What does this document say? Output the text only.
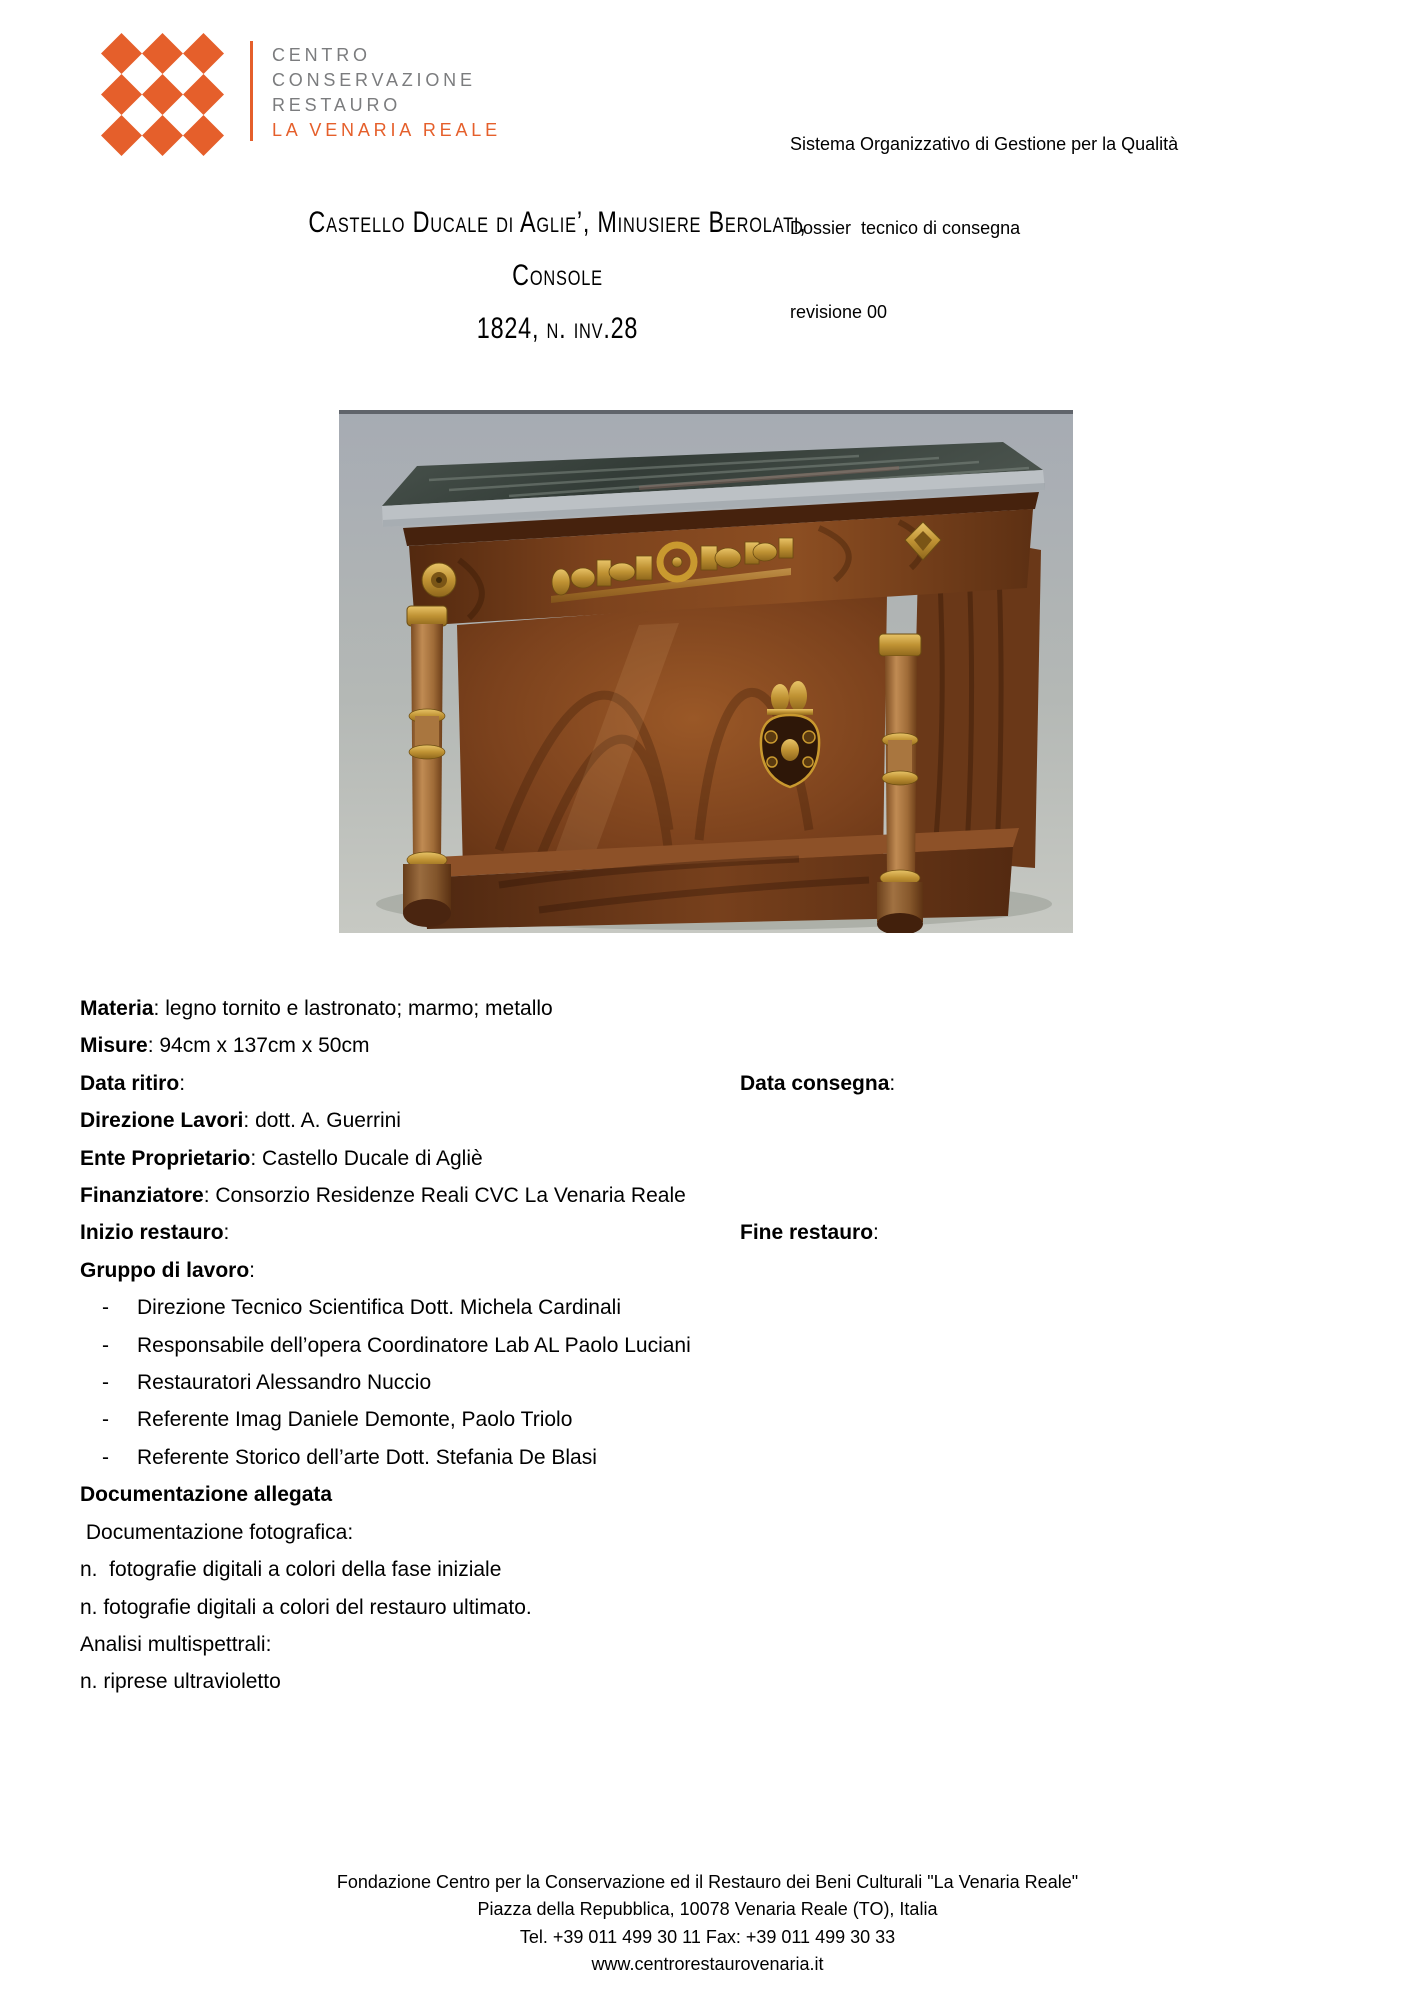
CENTRO
CONSERVAZIONE
RESTAURO
LA VENARIA REALE

Sistema Organizzativo di Gestione per la Qualità

Dossier  tecnico di consegna

revisione 00

Castello Ducale di Aglie’, Minusiere Berolati,
Console
1824, n. inv.28
Materia: legno tornito e lastronato; marmo; metallo
Misure: 94cm x 137cm x 50cm
Data ritiro:	Data consegna:
Direzione Lavori: dott. A. Guerrini
Ente Proprietario: Castello Ducale di Agliè
Finanziatore: Consorzio Residenze Reali CVC La Venaria Reale
Inizio restauro:	Fine restauro:
Gruppo di lavoro:
- Direzione Tecnico Scientifica Dott. Michela Cardinali
- Responsabile dell’opera Coordinatore Lab AL Paolo Luciani
- Restauratori Alessandro Nuccio
- Referente Imag Daniele Demonte, Paolo Triolo
- Referente Storico dell’arte Dott. Stefania De Blasi
Documentazione allegata
Documentazione fotografica:
n.  fotografie digitali a colori della fase iniziale
n. fotografie digitali a colori del restauro ultimato.
Analisi multispettrali:
n. riprese ultravioletto
Fondazione Centro per la Conservazione ed il Restauro dei Beni Culturali "La Venaria Reale"
Piazza della Repubblica, 10078 Venaria Reale (TO), Italia
Tel. +39 011 499 30 11 Fax: +39 011 499 30 33
www.centrorestaurovenaria.it
